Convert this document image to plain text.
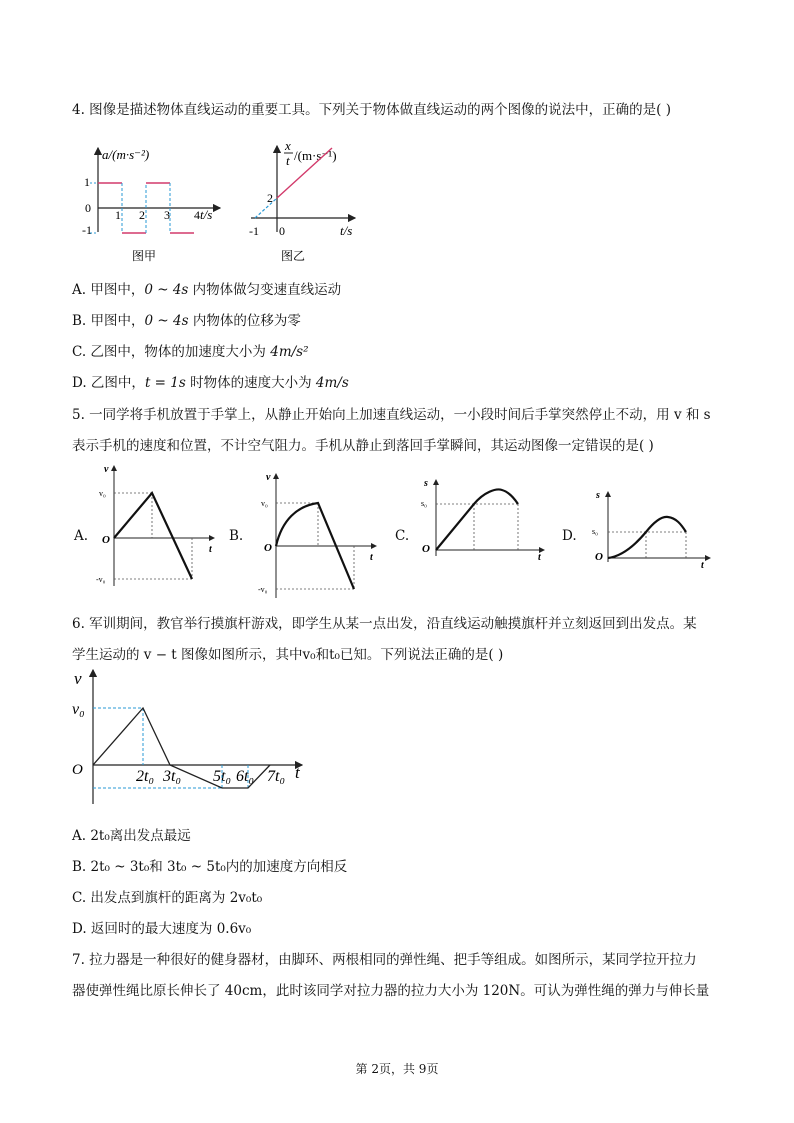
4. 图像是描述物体直线运动的重要工具。下列关于物体做直线运动的两个图像的说法中，正确的是( )
a/(m·s⁻²)
t/s
1
0
-1
1 2 3 4
图甲
x
t /(m·s⁻¹)
2
-1 0	t/s
图乙
A. 甲图中，0 ~ 4s 内物体做匀变速直线运动
B. 甲图中，0 ~ 4s 内物体的位移为零
C. 乙图中，物体的加速度大小为 4m/s²
D. 乙图中，t = 1s 时物体的速度大小为 4m/s
5. 一同学将手机放置于手掌上，从静止开始向上加速直线运动，一小段时间后手掌突然停止不动，用 v 和 s
表示手机的速度和位置，不计空气阻力。手机从静止到落回手掌瞬间，其运动图像一定错误的是( )
A.
v
t
O
v₀
-v₀
B.
v
t
O
v₀
-v₀
C.
s
t
O
s₀
D.
s
t
O
s₀
6. 军训期间，教官举行摸旗杆游戏，即学生从某一点出发，沿直线运动触摸旗杆并立刻返回到出发点。某
学生运动的 v − t 图像如图所示，其中v₀和t₀已知。下列说法正确的是( )
v
t
O
v₀
2t₀ 3t₀ 5t₀ 6t₀ 7t₀
A. 2t₀离出发点最远
B. 2t₀ ~ 3t₀和 3t₀ ~ 5t₀内的加速度方向相反
C. 出发点到旗杆的距离为 2v₀t₀
D. 返回时的最大速度为 0.6v₀
7. 拉力器是一种很好的健身器材，由脚环、两根相同的弹性绳、把手等组成。如图所示，某同学拉开拉力
器使弹性绳比原长伸长了 40cm，此时该同学对拉力器的拉力大小为 120N。可认为弹性绳的弹力与伸长量
第 2页，共 9页
